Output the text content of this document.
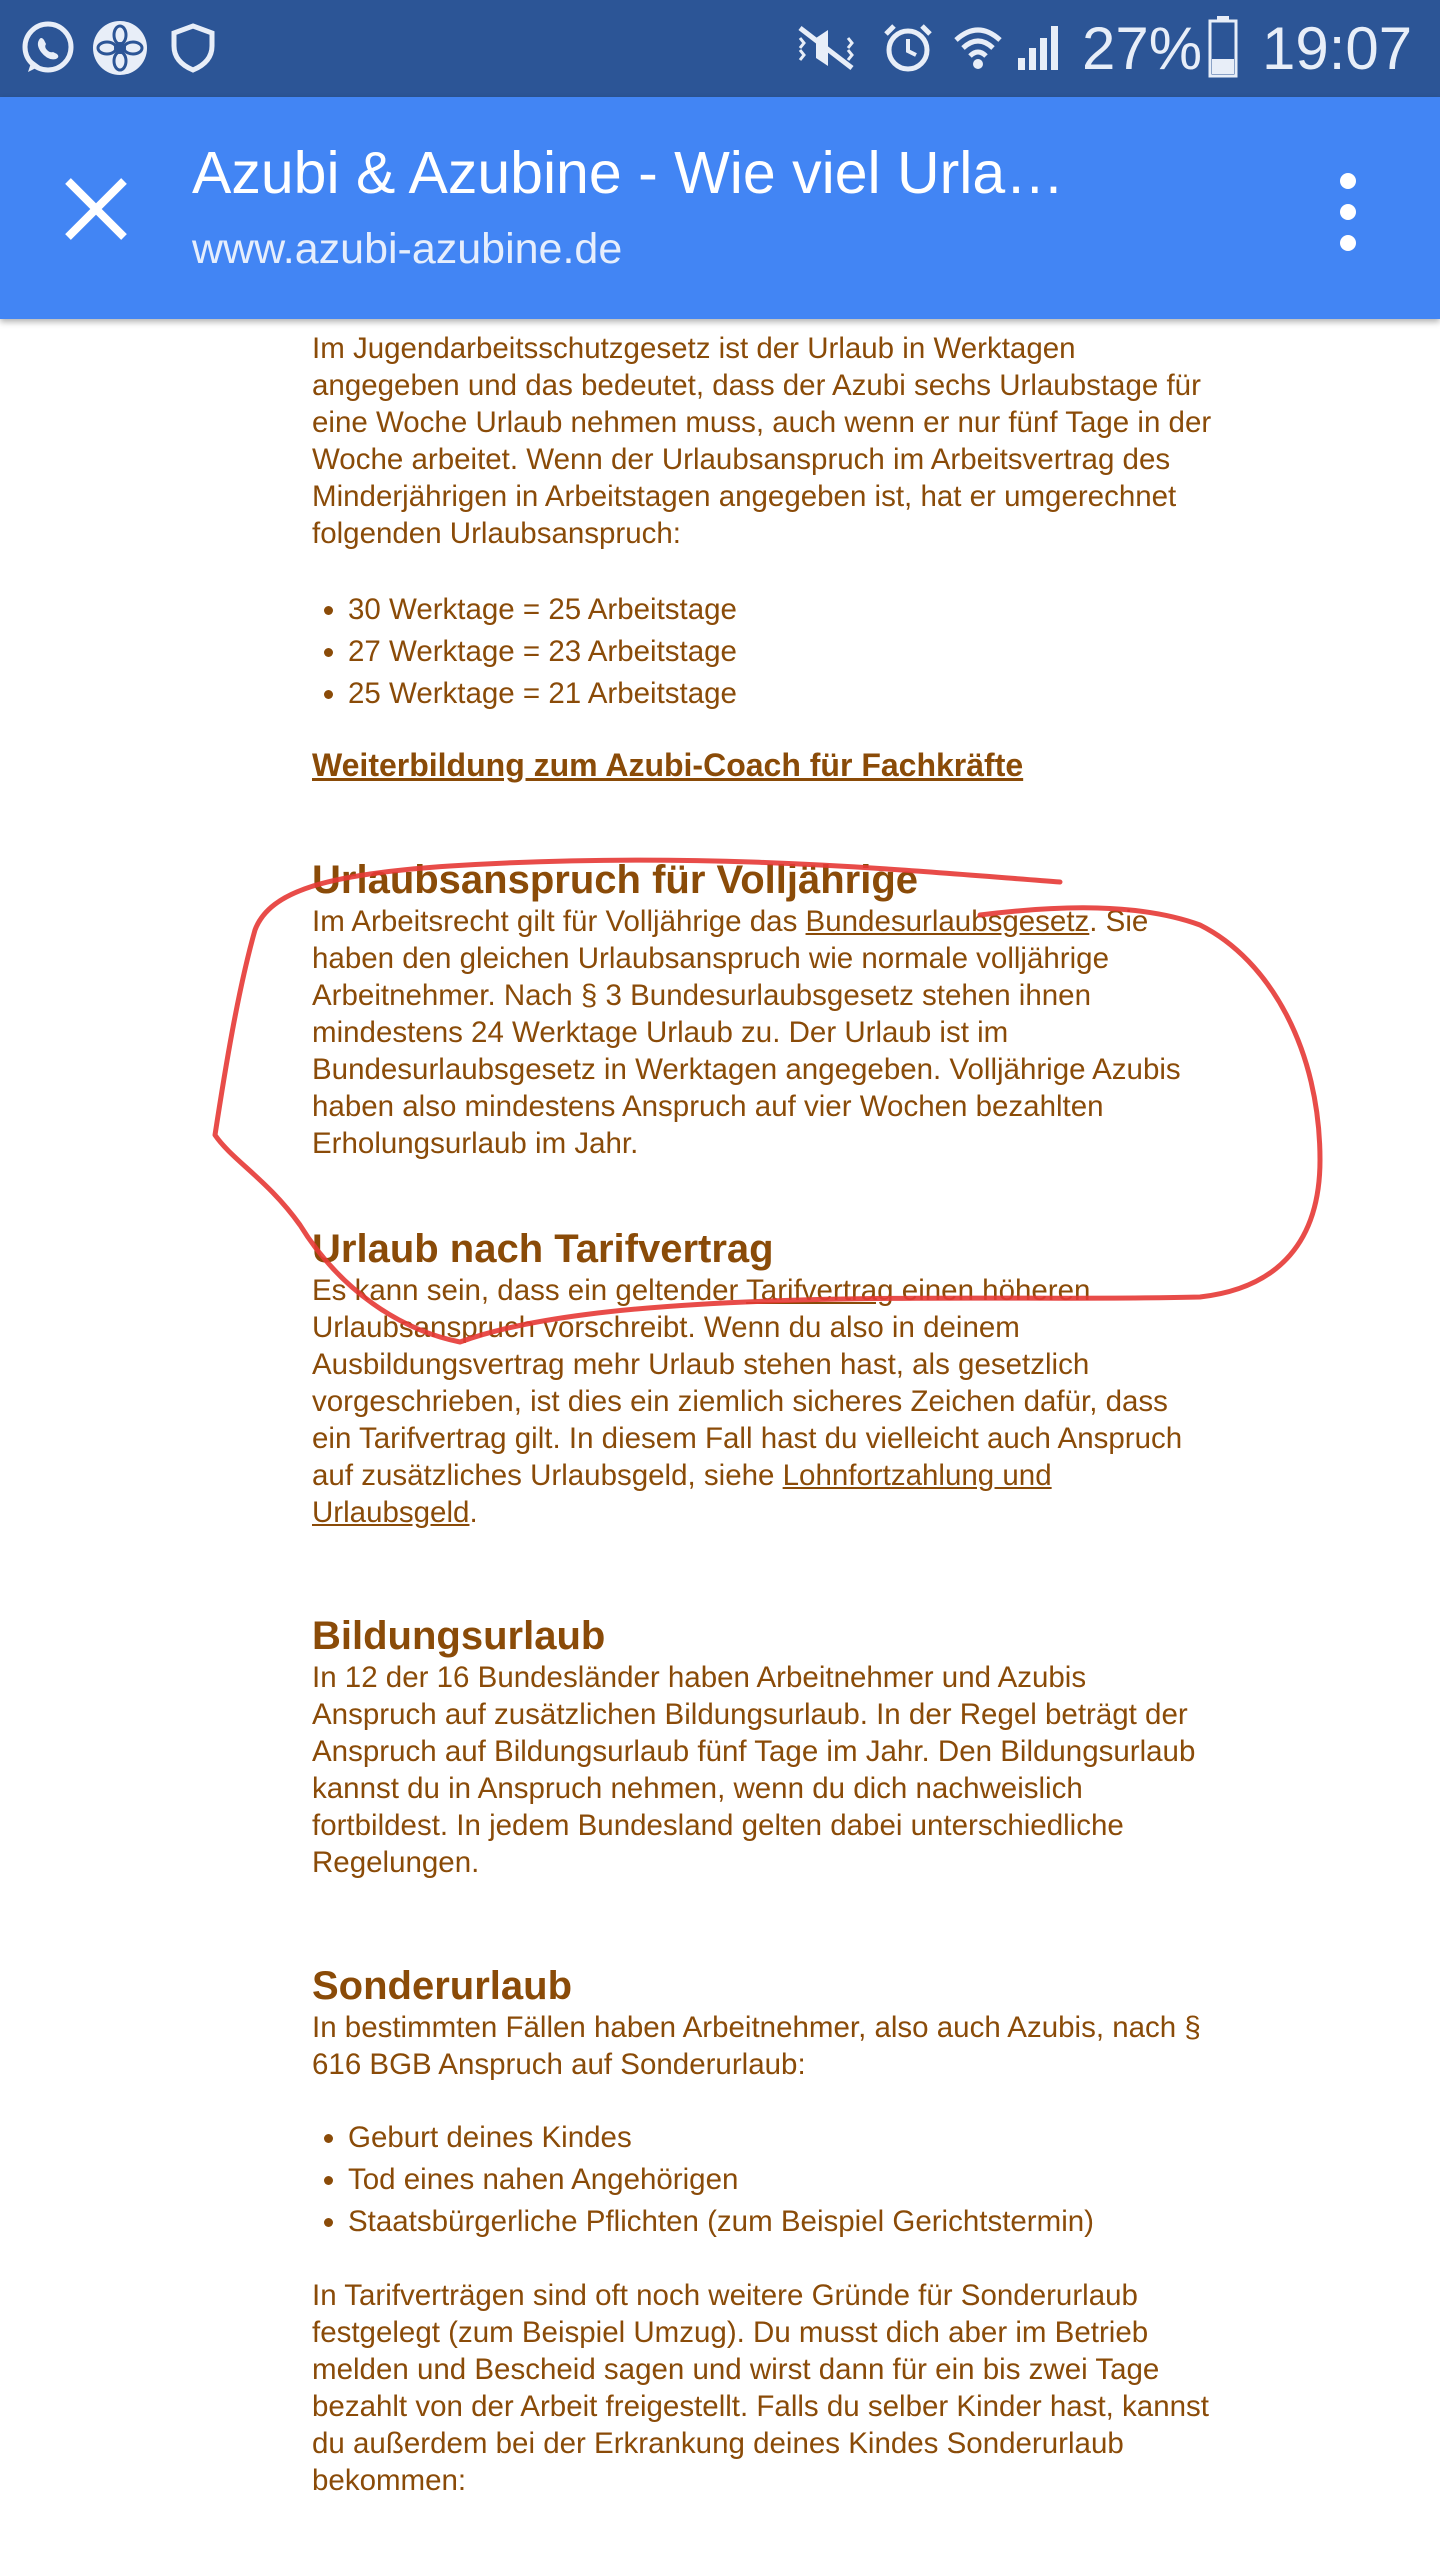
27% 19:07
Azubi & Azubine - Wie viel Urla…
www.azubi-azubine.de

Im Jugendarbeitsschutzgesetz ist der Urlaub in Werktagen angegeben und das bedeutet, dass der Azubi sechs Urlaubstage für eine Woche Urlaub nehmen muss, auch wenn er nur fünf Tage in der Woche arbeitet. Wenn der Urlaubsanspruch im Arbeitsvertrag des Minderjährigen in Arbeitstagen angegeben ist, hat er umgerechnet folgenden Urlaubsanspruch:

• 30 Werktage = 25 Arbeitstage
• 27 Werktage = 23 Arbeitstage
• 25 Werktage = 21 Arbeitstage

Weiterbildung zum Azubi-Coach für Fachkräfte

Urlaubsanspruch für Volljährige

Im Arbeitsrecht gilt für Volljährige das Bundesurlaubsgesetz. Sie haben den gleichen Urlaubsanspruch wie normale volljährige Arbeitnehmer. Nach § 3 Bundesurlaubsgesetz stehen ihnen mindestens 24 Werktage Urlaub zu. Der Urlaub ist im Bundesurlaubsgesetz in Werktagen angegeben. Volljährige Azubis haben also mindestens Anspruch auf vier Wochen bezahlten Erholungsurlaub im Jahr.

Urlaub nach Tarifvertrag

Es kann sein, dass ein geltender Tarifvertrag einen höheren Urlaubsanspruch vorschreibt. Wenn du also in deinem Ausbildungsvertrag mehr Urlaub stehen hast, als gesetzlich vorgeschrieben, ist dies ein ziemlich sicheres Zeichen dafür, dass ein Tarifvertrag gilt. In diesem Fall hast du vielleicht auch Anspruch auf zusätzliches Urlaubsgeld, siehe Lohnfortzahlung und Urlaubsgeld.

Bildungsurlaub

In 12 der 16 Bundesländer haben Arbeitnehmer und Azubis Anspruch auf zusätzlichen Bildungsurlaub. In der Regel beträgt der Anspruch auf Bildungsurlaub fünf Tage im Jahr. Den Bildungsurlaub kannst du in Anspruch nehmen, wenn du dich nachweislich fortbildest. In jedem Bundesland gelten dabei unterschiedliche Regelungen.

Sonderurlaub

In bestimmten Fällen haben Arbeitnehmer, also auch Azubis, nach § 616 BGB Anspruch auf Sonderurlaub:

• Geburt deines Kindes
• Tod eines nahen Angehörigen
• Staatsbürgerliche Pflichten (zum Beispiel Gerichtstermin)

In Tarifverträgen sind oft noch weitere Gründe für Sonderurlaub festgelegt (zum Beispiel Umzug). Du musst dich aber im Betrieb melden und Bescheid sagen und wirst dann für ein bis zwei Tage bezahlt von der Arbeit freigestellt. Falls du selber Kinder hast, kannst du außerdem bei der Erkrankung deines Kindes Sonderurlaub bekommen:
